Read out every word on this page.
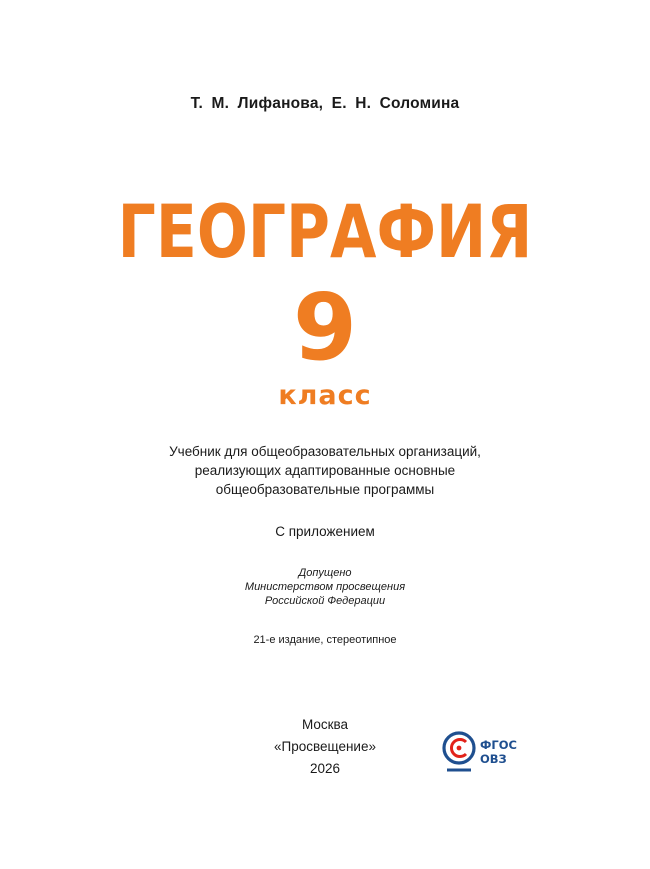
Т. М. Лифанова, Е. Н. Соломина
ГЕОГРАФИЯ
9
класс
Учебник для общеобразовательных организаций,
реализующих адаптированные основные
общеобразовательные программы
С приложением
Допущено
Министерством просвещения
Российской Федерации
21-е издание, стереотипное
Москва
«Просвещение»
2026
ФГОС
ОВЗ
